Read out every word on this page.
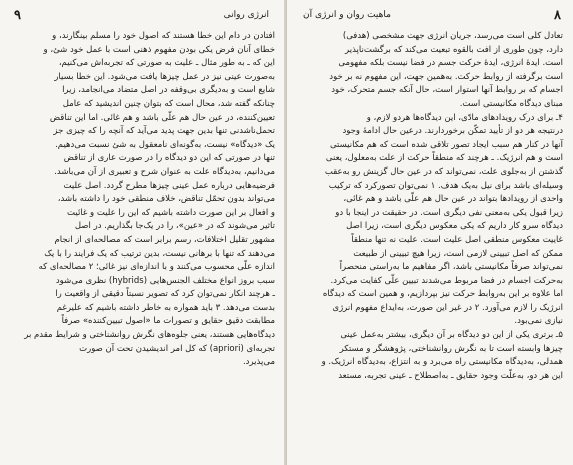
۹	انرژی روانی

افتادن در دام این خطا هستند که اصول خود را مسلم بینگارند، و

خطای آنان فرض یکی بودن مفهوم ذهنی است با عمل خود شئ، و

این که ـ به طور مثال ـ علیت به صورتی که تجربه‌اش می‌کنیم،

به‌صورت عینی نیز در عمل چیزها یافت می‌شود. این خطا بسیار

شایع است و به‌دیگری بی‌وقفه در اصل متضاد می‌انجامد، زیرا

چنانکه گفته شد، محال است که بتوان چنین اندیشید که عامل

تعیین‌کننده، در عین حال هم علّی باشد و هم غائی. اما این تناقض

تحمل‌ناشدنی تنها بدین جهت پدید می‌آید که آنچه را که چیزی جز

یک «دیدگاه» نیست، به‌گونه‌ای نامعقول به شئ نسبت می‌دهیم.

تنها در صورتی که این دو دیدگاه را در صورت عاری از تناقض

می‌دانیم، به‌دیدگاه علت به عنوان شرح و تعبیری از آن می‌باشد.

فرضیه‌هایی درباره عمل عینی چیزها مطرح گردد. اصل علیت

می‌تواند بدون تحمّل تناقض، خلاف منطقی خود را داشته باشد،

و افعال بر این صورت داشته باشیم که این را علیت و غائیت

تاثیر می‌شوند که در «عین»، را در یک‌جا بگذاریم. در اصل

مشهور تقلیل اختلافات، رسم برابر است که مصالحه‌ای از انجام

می‌دهند که تنها با برهانی نیست، بدین ترتیب که یک فرایند را با یک

اندازه علّی محسوب می‌کنند و با اندازه‌ای نیز غائی؛ ۲ مصالحه‌ای که

سبب بروز انواع مختلف الجنس‌هایی (hybrids) نظری می‌شود

ـ هرچند انکار نمی‌توان کرد که تصویر نسبتاً دقیقی از واقعیت را

بدست می‌دهد. ۳ باید همواره به خاطر داشته باشیم که علیرغم

مطابقت دقیق حقایق و تصورات ما «اصول تبیین‌کننده» صرفاً

دیدگاه‌هایی هستند، یعنی جلوه‌های نگرش روانشناختی و شرایط مقدم بر

تجربه‌ای (apriori) که کل امر اندیشیدن تحت آن صورت

می‌پذیرد.

۸
ماهیت روان و انرژی آن

تعادل کلی است می‌رسد، جریان انرژی جهت مشخصی (هدفی)

دارد، چون طوری از افت بالقوه تبعیت می‌کند که برگشت‌ناپذیر

است. ایدهٔ انرژی، ایدهٔ حرکت جسم در فضا نیست بلکه مفهومی

است برگرفته از روابط حرکت. به‌همین جهت، این مفهوم نه بر خود

اجسام که بر روابط آنها استوار است، حال آنکه جسم متحرک، خود

مبنای دیدگاه مکانیستی است.

۴ـ برای درک رویدادهای مادّی، این دیدگاه‌ها هردو لازم، و

درنتیجه هر دو از تأیید تمکّن برخوردارند. درعین حال ادامهٔ وجود

آنها در کنار هم سبب ایجاد تصور تلاقی شده است که هم مکانیستی

است و هم انرژیک. ـ هرچند که منطقاً حرکت از علت به‌معلول، یعنی

گذشتن از به‌جلوی علت، نمی‌تواند که در عین حال گزینش رو به‌عقب

وسیله‌ای باشد برای نیل به‌یک هدف. ۱ نمی‌توان تصورکرد که ترکیب

واحدی از رویدادها بتواند در عین حال هم علّی باشد و هم غائی،

زیرا قبول یکی به‌معنی نفی دیگری است. در حقیقت در اینجا با دو

دیدگاه سرو کار داریم که یکی معکوس دیگری است، زیرا اصل

غاییت معکوس منطقی اصل علیت است. علیت نه تنها منطقاً

ممکن که اصل تبیینی لازمی است، زیرا هیچ تبیینی از طبیعت

نمی‌تواند صرفاً مکانیستی باشد، اگر مفاهیم ما به‌راستی منحصراً

به‌حرکت اجسام در فضا مربوط می‌شدند تبیین علّی کفایت می‌کرد.

اما علاوه بر این به‌روابط حرکت نیز بپردازیم، و همین است که دیدگاه

انرژیک را لازم می‌آورد. ۲ در غیر این صورت، به‌ایداع مفهوم انرژی

نیازی نمی‌بود.

۵ـ برتری یکی از این دو دیدگاه بر آن دیگری، بیشتر به‌عمل عینی

چیزها وابسته است تا به نگرش روانشناختی، پژوهشگر و مستکر

همدلی، به‌دیدگاه مکانیستی راه می‌برد و به انتزاع، به‌دیدگاه انرژیک. و

این هر دو، به‌علّت وجود حقایق ـ به‌اصطلاح ـ عینی تجربه، مستعد
